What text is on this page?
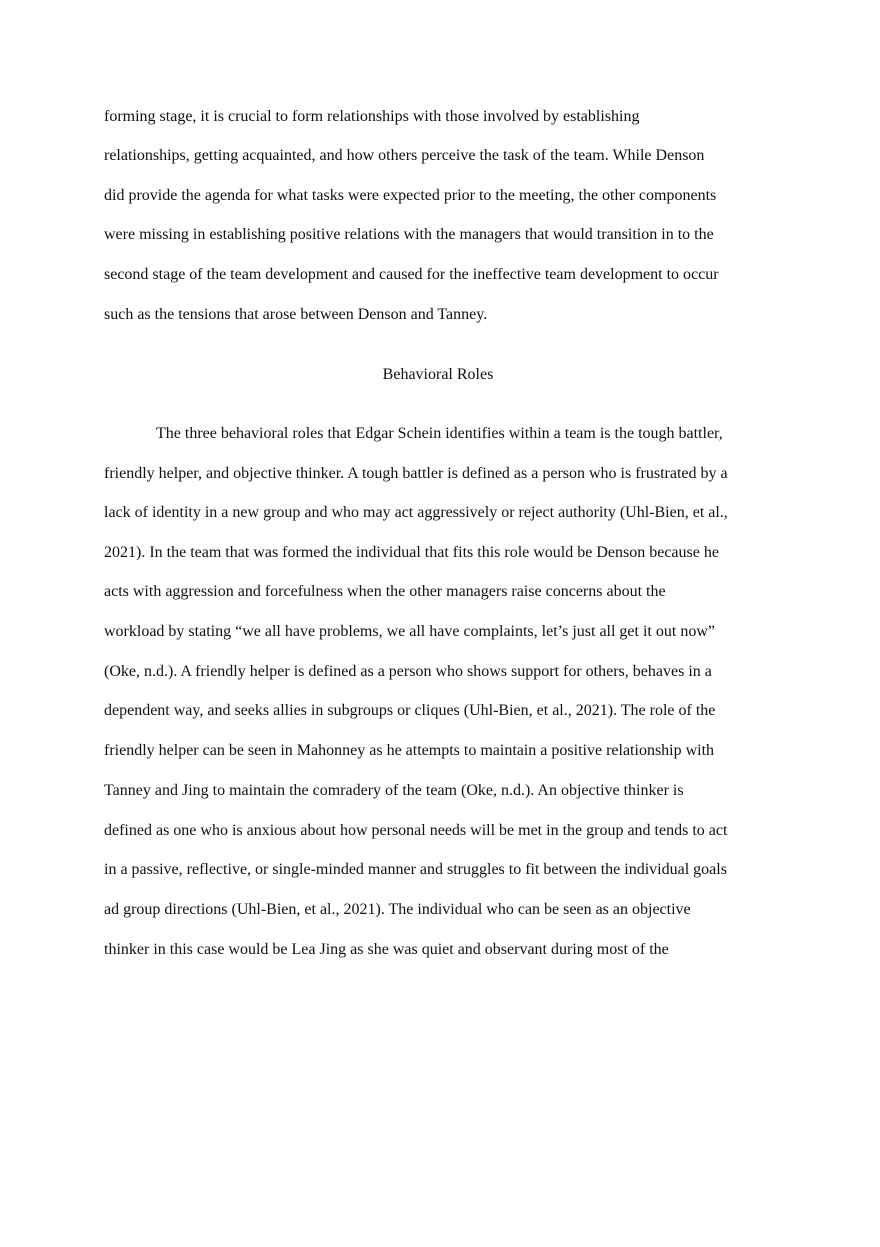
forming stage, it is crucial to form relationships with those involved by establishing
relationships, getting acquainted, and how others perceive the task of the team. While Denson
did provide the agenda for what tasks were expected prior to the meeting, the other components
were missing in establishing positive relations with the managers that would transition in to the
second stage of the team development and caused for the ineffective team development to occur
such as the tensions that arose between Denson and Tanney.
Behavioral Roles
The three behavioral roles that Edgar Schein identifies within a team is the tough battler,
friendly helper, and objective thinker. A tough battler is defined as a person who is frustrated by a
lack of identity in a new group and who may act aggressively or reject authority (Uhl-Bien, et al.,
2021). In the team that was formed the individual that fits this role would be Denson because he
acts with aggression and forcefulness when the other managers raise concerns about the
workload by stating “we all have problems, we all have complaints, let’s just all get it out now”
(Oke, n.d.). A friendly helper is defined as a person who shows support for others, behaves in a
dependent way, and seeks allies in subgroups or cliques (Uhl-Bien, et al., 2021). The role of the
friendly helper can be seen in Mahonney as he attempts to maintain a positive relationship with
Tanney and Jing to maintain the comradery of the team (Oke, n.d.). An objective thinker is
defined as one who is anxious about how personal needs will be met in the group and tends to act
in a passive, reflective, or single-minded manner and struggles to fit between the individual goals
ad group directions (Uhl-Bien, et al., 2021). The individual who can be seen as an objective
thinker in this case would be Lea Jing as she was quiet and observant during most of the
